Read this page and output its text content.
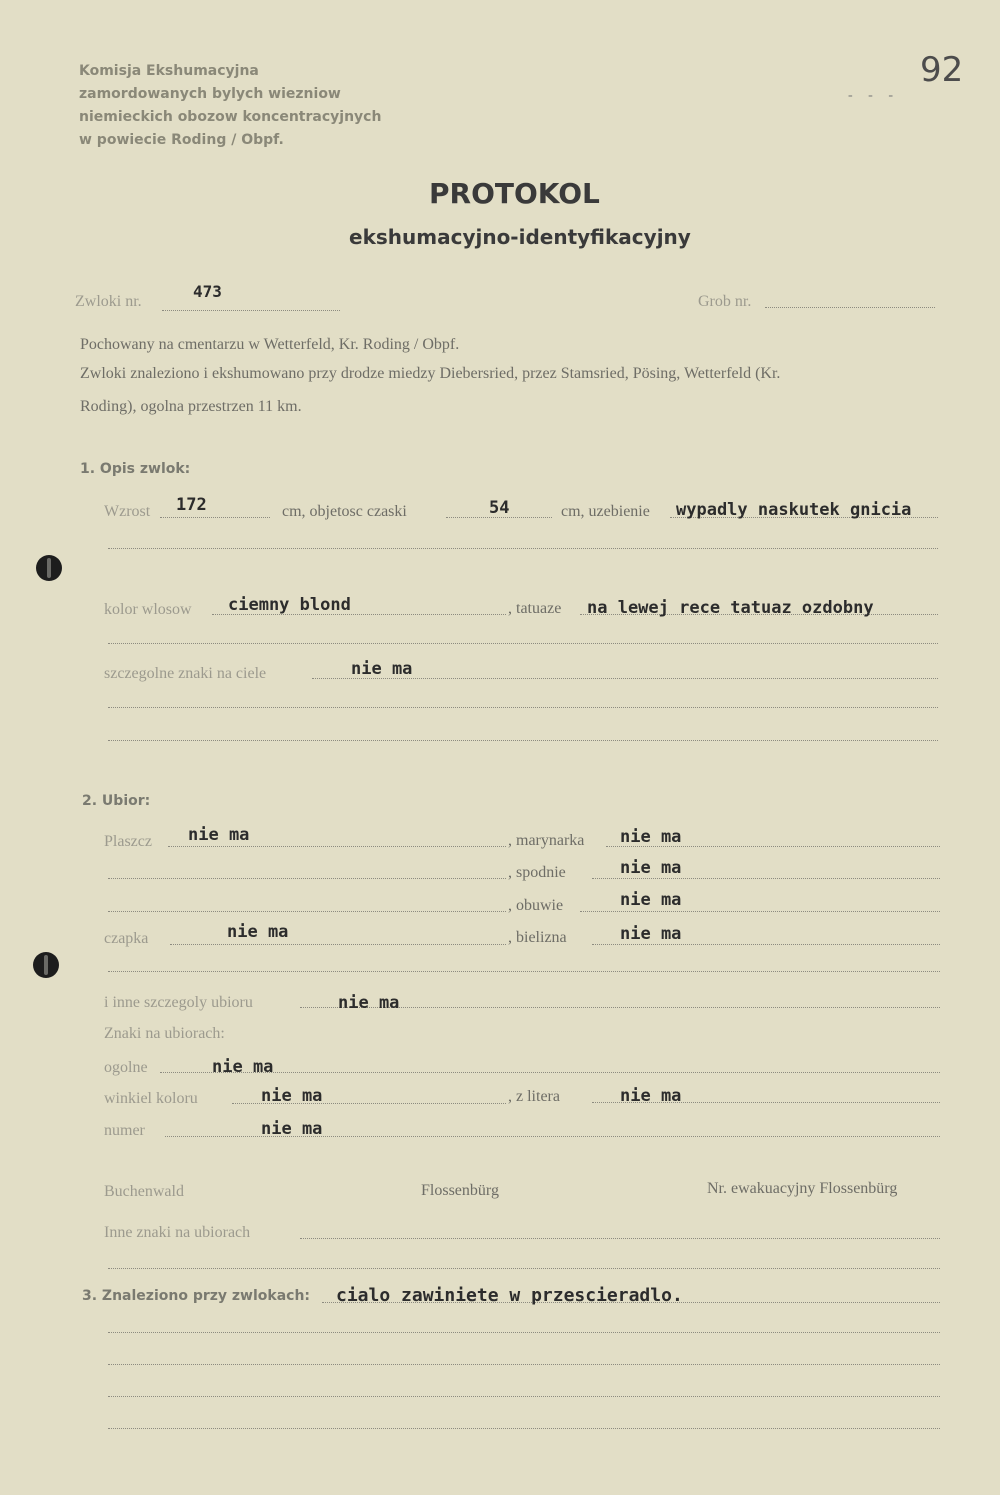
Komisja Ekshumacyjna
zamordowanych bylych wiezniow
niemieckich obozow koncentracyjnych
w powiecie Roding / Obpf.
92
- - -
PROTOKOL
ekshumacyjno-identyfikacyjny
Zwloki nr.
473
Grob nr.
Pochowany na cmentarzu w Wetterfeld, Kr. Roding / Obpf.
Zwloki znaleziono i ekshumowano przy drodze miedzy Diebersried, przez Stamsried, Pösing, Wetterfeld (Kr.
Roding), ogolna przestrzen 11 km.
1. Opis zwlok:
Wzrost 172	cm, objetosc czaski	54	cm, uzebienie wypadly naskutek gnicia
kolor wlosow ciemny blond	, tatuaze na lewej rece tatuaz ozdobny
szczegolne znaki na ciele	nie ma
2. Ubior:
Plaszcz nie ma	, marynarka nie ma
, spodnie	nie ma
, obuwie	nie ma
czapka	nie ma	, bielizna	nie ma
i inne szczegoly ubioru	nie ma
Znaki na ubiorach:
ogolne	nie ma
winkiel koloru	nie ma	, z litera	nie ma
numer	nie ma
Buchenwald	Flossenbürg	Nr. ewakuacyjny Flossenbürg
Inne znaki na ubiorach
3. Znaleziono przy zwlokach: cialo zawiniete w przescieradlo.
